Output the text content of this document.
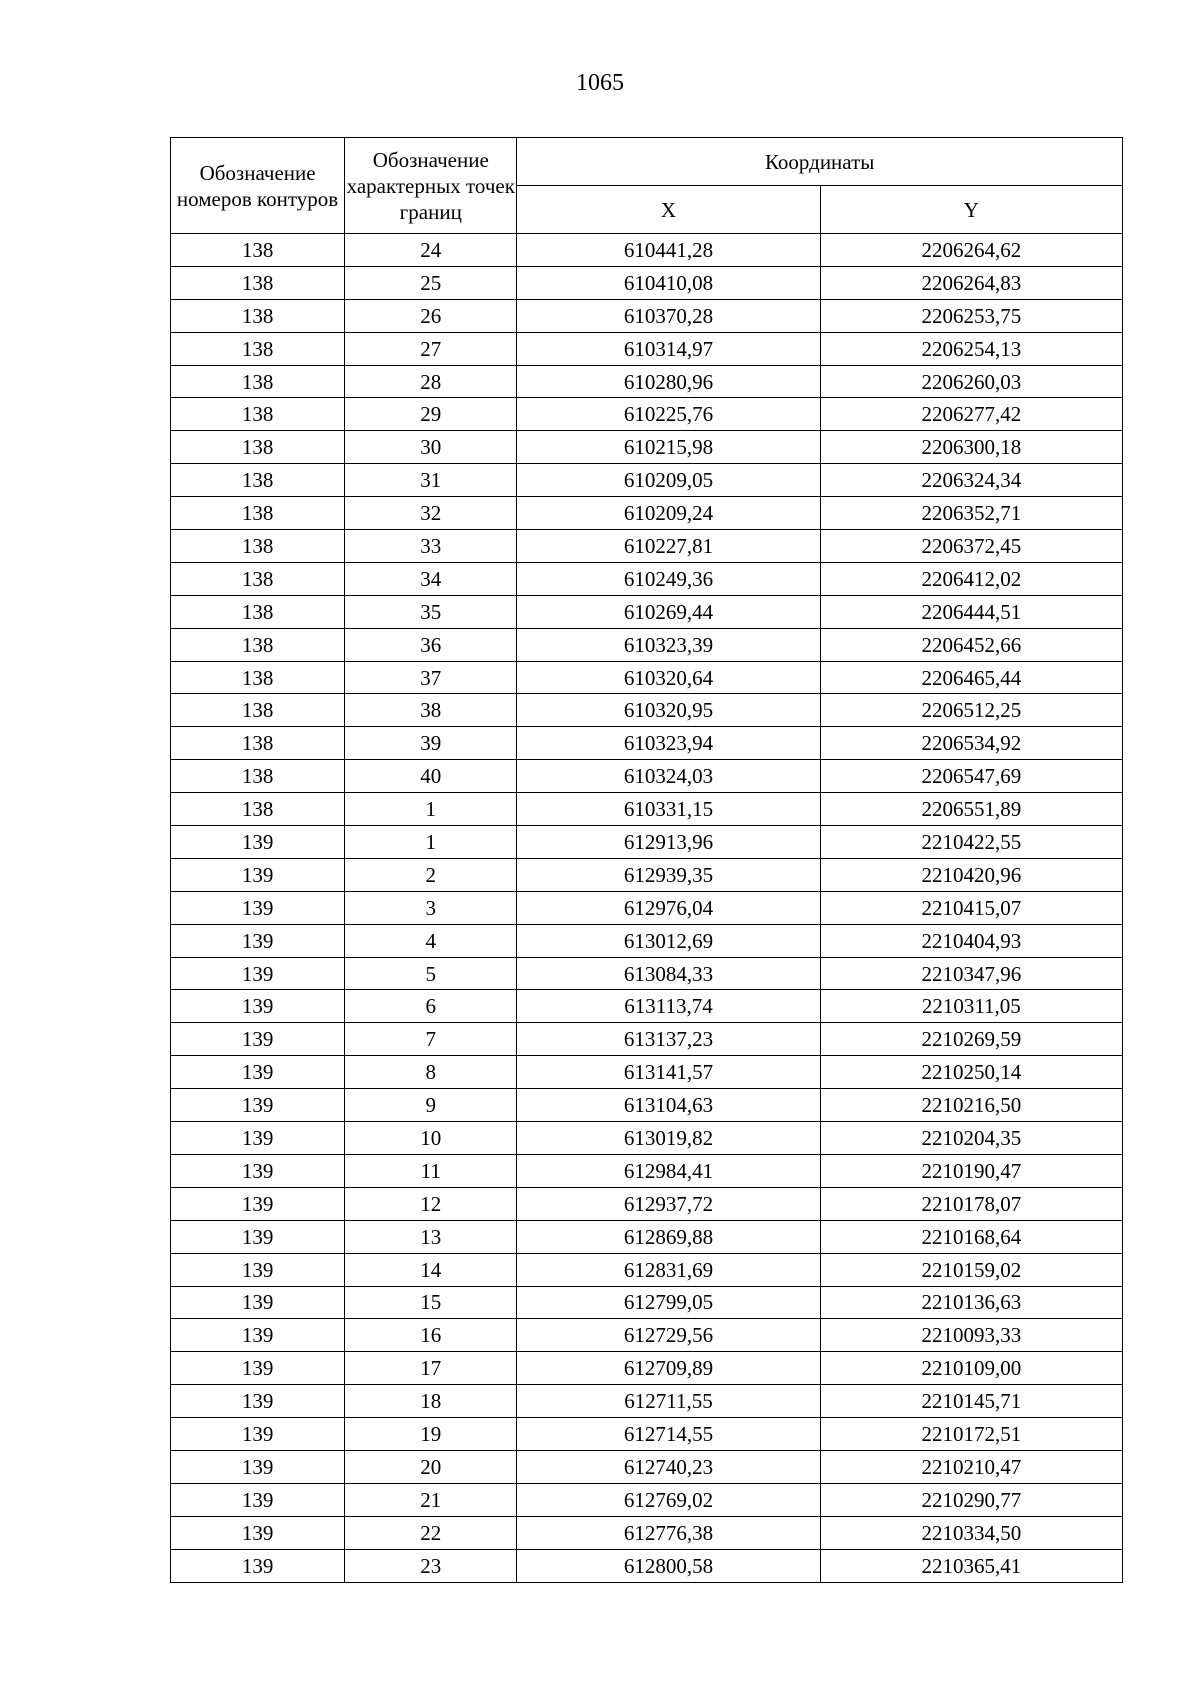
1065
Обозначение номеров контуров	Обозначение характерных точек границ	Координаты	
		X	Y
138	24	610441,28	2206264,62
138	25	610410,08	2206264,83
138	26	610370,28	2206253,75
138	27	610314,97	2206254,13
138	28	610280,96	2206260,03
138	29	610225,76	2206277,42
138	30	610215,98	2206300,18
138	31	610209,05	2206324,34
138	32	610209,24	2206352,71
138	33	610227,81	2206372,45
138	34	610249,36	2206412,02
138	35	610269,44	2206444,51
138	36	610323,39	2206452,66
138	37	610320,64	2206465,44
138	38	610320,95	2206512,25
138	39	610323,94	2206534,92
138	40	610324,03	2206547,69
138	1	610331,15	2206551,89
139	1	612913,96	2210422,55
139	2	612939,35	2210420,96
139	3	612976,04	2210415,07
139	4	613012,69	2210404,93
139	5	613084,33	2210347,96
139	6	613113,74	2210311,05
139	7	613137,23	2210269,59
139	8	613141,57	2210250,14
139	9	613104,63	2210216,50
139	10	613019,82	2210204,35
139	11	612984,41	2210190,47
139	12	612937,72	2210178,07
139	13	612869,88	2210168,64
139	14	612831,69	2210159,02
139	15	612799,05	2210136,63
139	16	612729,56	2210093,33
139	17	612709,89	2210109,00
139	18	612711,55	2210145,71
139	19	612714,55	2210172,51
139	20	612740,23	2210210,47
139	21	612769,02	2210290,77
139	22	612776,38	2210334,50
139	23	612800,58	2210365,41
